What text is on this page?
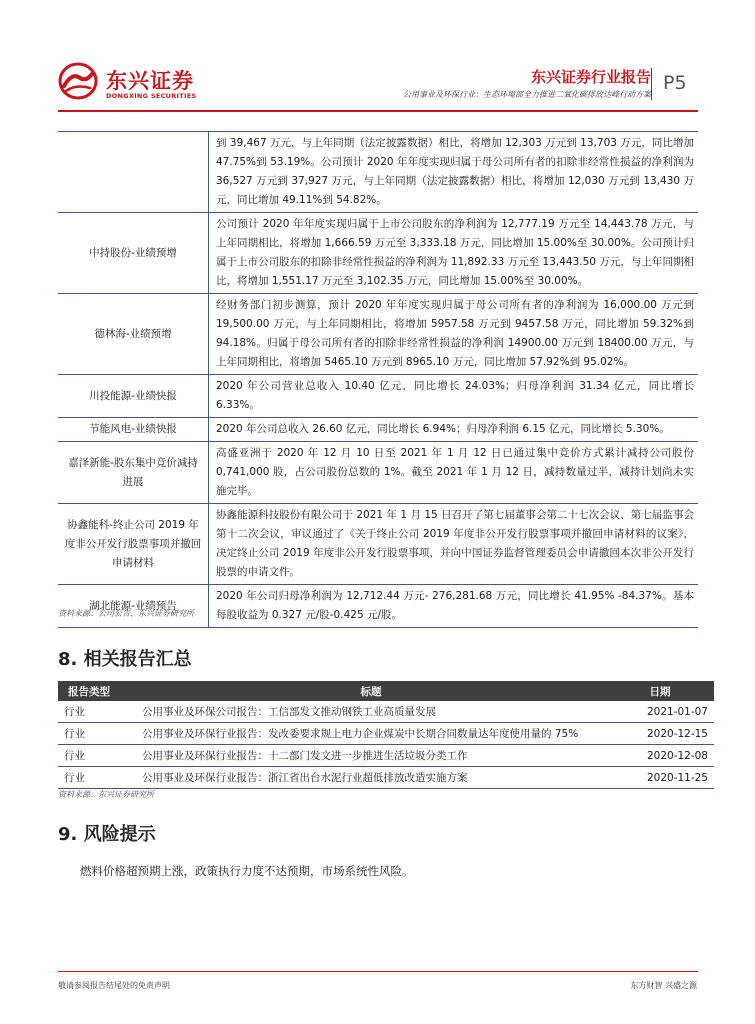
东兴证券
DONGXING SECURITIES
东兴证券行业报告
公用事业及环保行业：生态环境部全力推进二氧化碳排放达峰行动方案
P5
	到 39,467 万元，与上年同期（法定披露数据）相比，将增加 12,303 万元到 13,703 万元，同比增加 47.75%到 53.19%。公司预计 2020 年年度实现归属于母公司所有者的扣除非经常性损益的净利润为 36,527 万元到 37,927 万元，与上年同期（法定披露数据）相比，将增加 12,030 万元到 13,430 万元，同比增加 49.11%到 54.82%。
中持股份-业绩预增	公司预计 2020 年年度实现归属于上市公司股东的净利润为 12,777.19 万元至 14,443.78 万元，与上年同期相比，将增加 1,666.59 万元至 3,333.18 万元，同比增加 15.00%至 30.00%。公司预计归属于上市公司股东的扣除非经常性损益的净利润为 11,892.33 万元至 13,443.50 万元，与上年同期相比，将增加 1,551.17 万元至 3,102.35 万元，同比增加 15.00%至 30.00%。
德林海-业绩预增	经财务部门初步测算，预计 2020 年年度实现归属于母公司所有者的净利润为 16,000.00 万元到 19,500.00 万元，与上年同期相比，将增加 5957.58 万元到 9457.58 万元，同比增加 59.32%到 94.18%。归属于母公司所有者的扣除非经常性损益的净利润 14900.00 万元到 18400.00 万元，与上年同期相比，将增加 5465.10 万元到 8965.10 万元，同比增加 57.92%到 95.02%。
川投能源-业绩快报	2020 年公司营业总收入 10.40 亿元，同比增长 24.03%；归母净利润 31.34 亿元，同比增长 6.33%。
节能风电-业绩快报	2020 年公司总收入 26.60 亿元，同比增长 6.94%；归母净利润 6.15 亿元，同比增长 5.30%。
嘉泽新能-股东集中竞价减持进展	高盛亚洲于 2020 年 12 月 10 日至 2021 年 1 月 12 日已通过集中竞价方式累计减持公司股份 0,741,000 股，占公司股份总数的 1%。截至 2021 年 1 月 12 日，减持数量过半，减持计划尚未实施完毕。
协鑫能科-终止公司 2019 年度非公开发行股票事项并撤回申请材料	协鑫能源科技股份有限公司于 2021 年 1 月 15 日召开了第七届董事会第二十七次会议、第七届监事会第十二次会议，审议通过了《关于终止公司 2019 年度非公开发行股票事项并撤回申请材料的议案》，决定终止公司 2019 年度非公开发行股票事项，并向中国证券监督管理委员会申请撤回本次非公开发行股票的申请文件。
湖北能源-业绩预告	2020 年公司归母净利润为 12,712.44 万元- 276,281.68 万元，同比增长 41.95% -84.37%。基本每股收益为 0.327 元/股-0.425 元/股。
资料来源：公司公告、东兴证券研究所
8. 相关报告汇总
报告类型	标题	日期
行业	公用事业及环保公司报告：工信部发文推动钢铁工业高质量发展	2021-01-07
行业	公用事业及环保行业报告：发改委要求规上电力企业煤炭中长期合同数量达年度使用量的 75%	2020-12-15
行业	公用事业及环保行业报告：十二部门发文进一步推进生活垃圾分类工作	2020-12-08
行业	公用事业及环保行业报告：浙江省出台水泥行业超低排放改造实施方案	2020-11-25
资料来源：东兴证券研究所
9. 风险提示
燃料价格超预期上涨，政策执行力度不达预期，市场系统性风险。
敬请参阅报告结尾处的免责声明	东方财智 兴盛之源
